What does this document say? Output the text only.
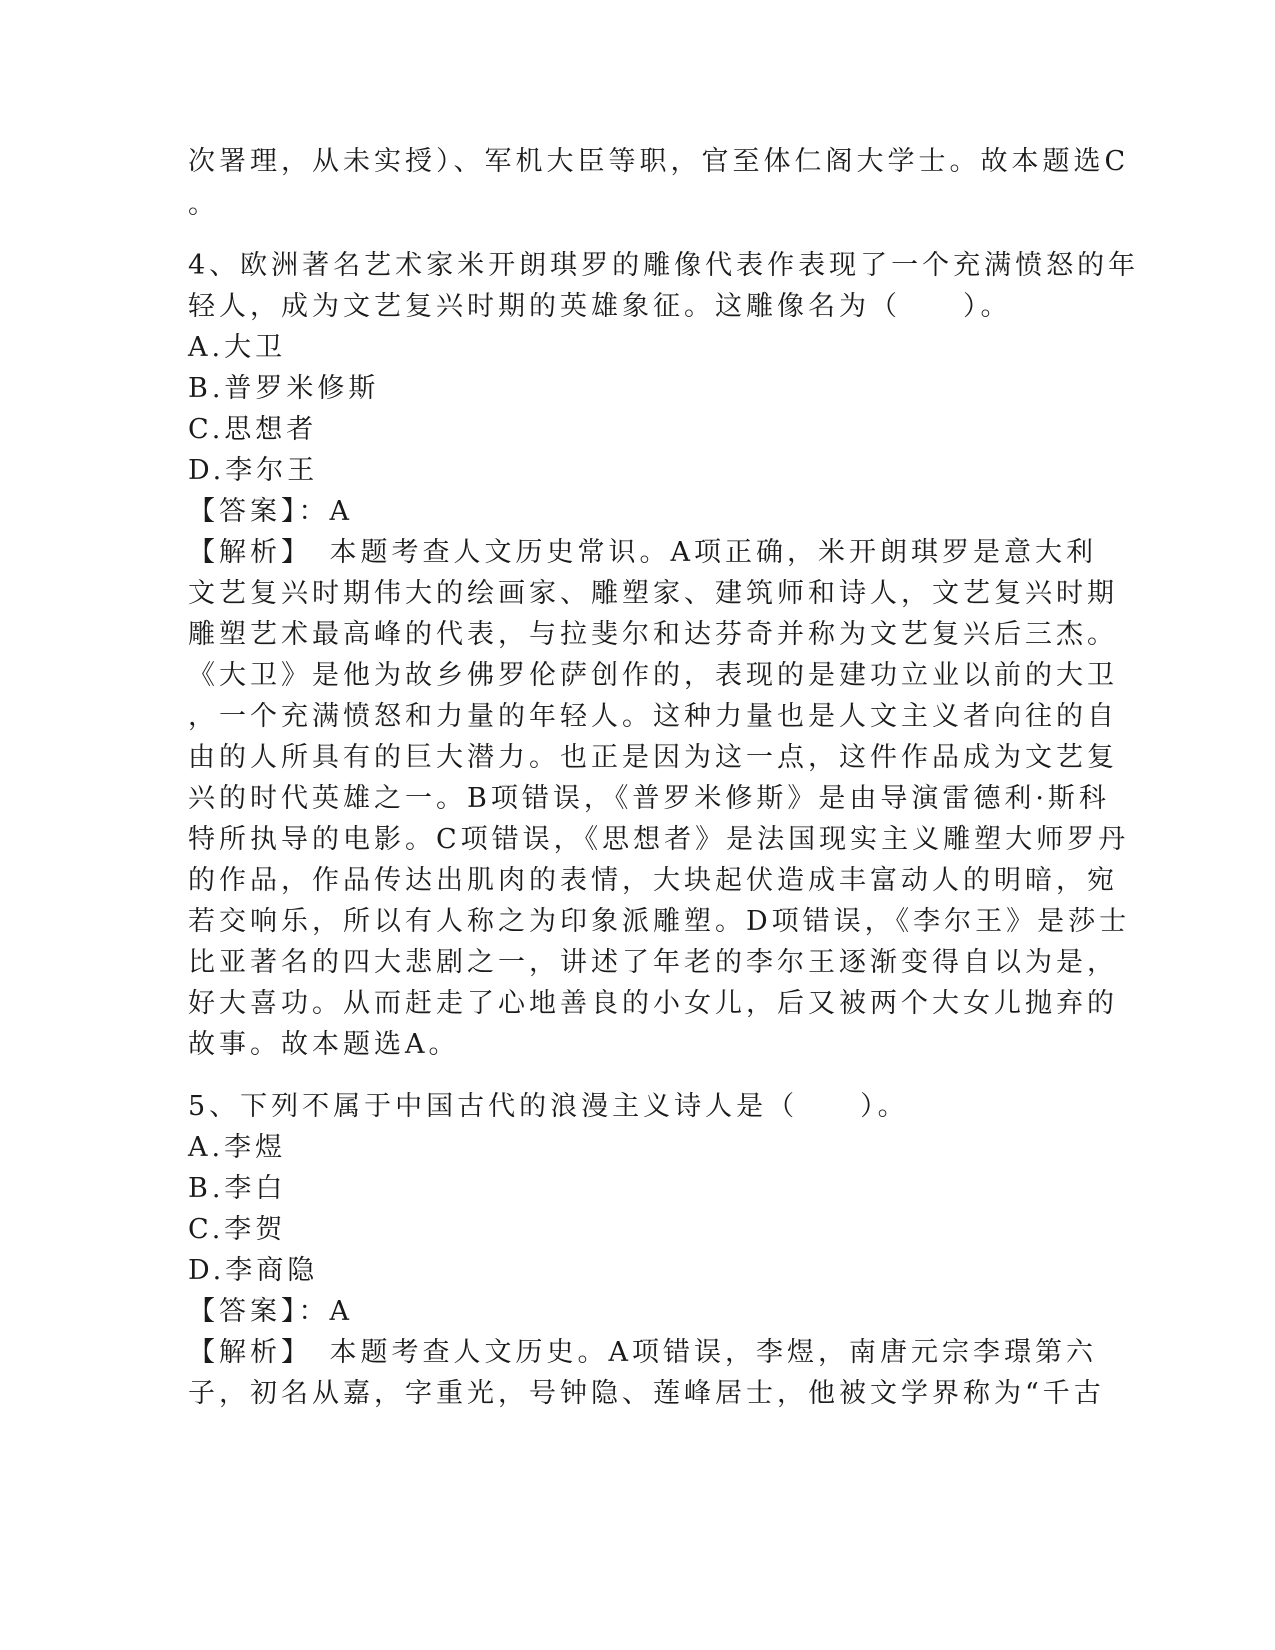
次署理，从未实授）、军机大臣等职，官至体仁阁大学士。故本题选C
。
4、欧洲著名艺术家米开朗琪罗的雕像代表作表现了一个充满愤怒的年
轻人，成为文艺复兴时期的英雄象征。这雕像名为（　　）。
A.大卫
B.普罗米修斯
C.思想者
D.李尔王
【答案】：A
【解析】　本题考查人文历史常识。A项正确，米开朗琪罗是意大利
文艺复兴时期伟大的绘画家、雕塑家、建筑师和诗人，文艺复兴时期
雕塑艺术最高峰的代表，与拉斐尔和达芬奇并称为文艺复兴后三杰。
《大卫》是他为故乡佛罗伦萨创作的，表现的是建功立业以前的大卫
，一个充满愤怒和力量的年轻人。这种力量也是人文主义者向往的自
由的人所具有的巨大潜力。也正是因为这一点，这件作品成为文艺复
兴的时代英雄之一。B项错误，《普罗米修斯》是由导演雷德利·斯科
特所执导的电影。C项错误，《思想者》是法国现实主义雕塑大师罗丹
的作品，作品传达出肌肉的表情，大块起伏造成丰富动人的明暗，宛
若交响乐，所以有人称之为印象派雕塑。D项错误，《李尔王》是莎士
比亚著名的四大悲剧之一，讲述了年老的李尔王逐渐变得自以为是，
好大喜功。从而赶走了心地善良的小女儿，后又被两个大女儿抛弃的
故事。故本题选A。
5、下列不属于中国古代的浪漫主义诗人是（　　）。
A.李煜
B.李白
C.李贺
D.李商隐
【答案】：A
【解析】　本题考查人文历史。A项错误，李煜，南唐元宗李璟第六
子，初名从嘉，字重光，号钟隐、莲峰居士，他被文学界称为“千古
